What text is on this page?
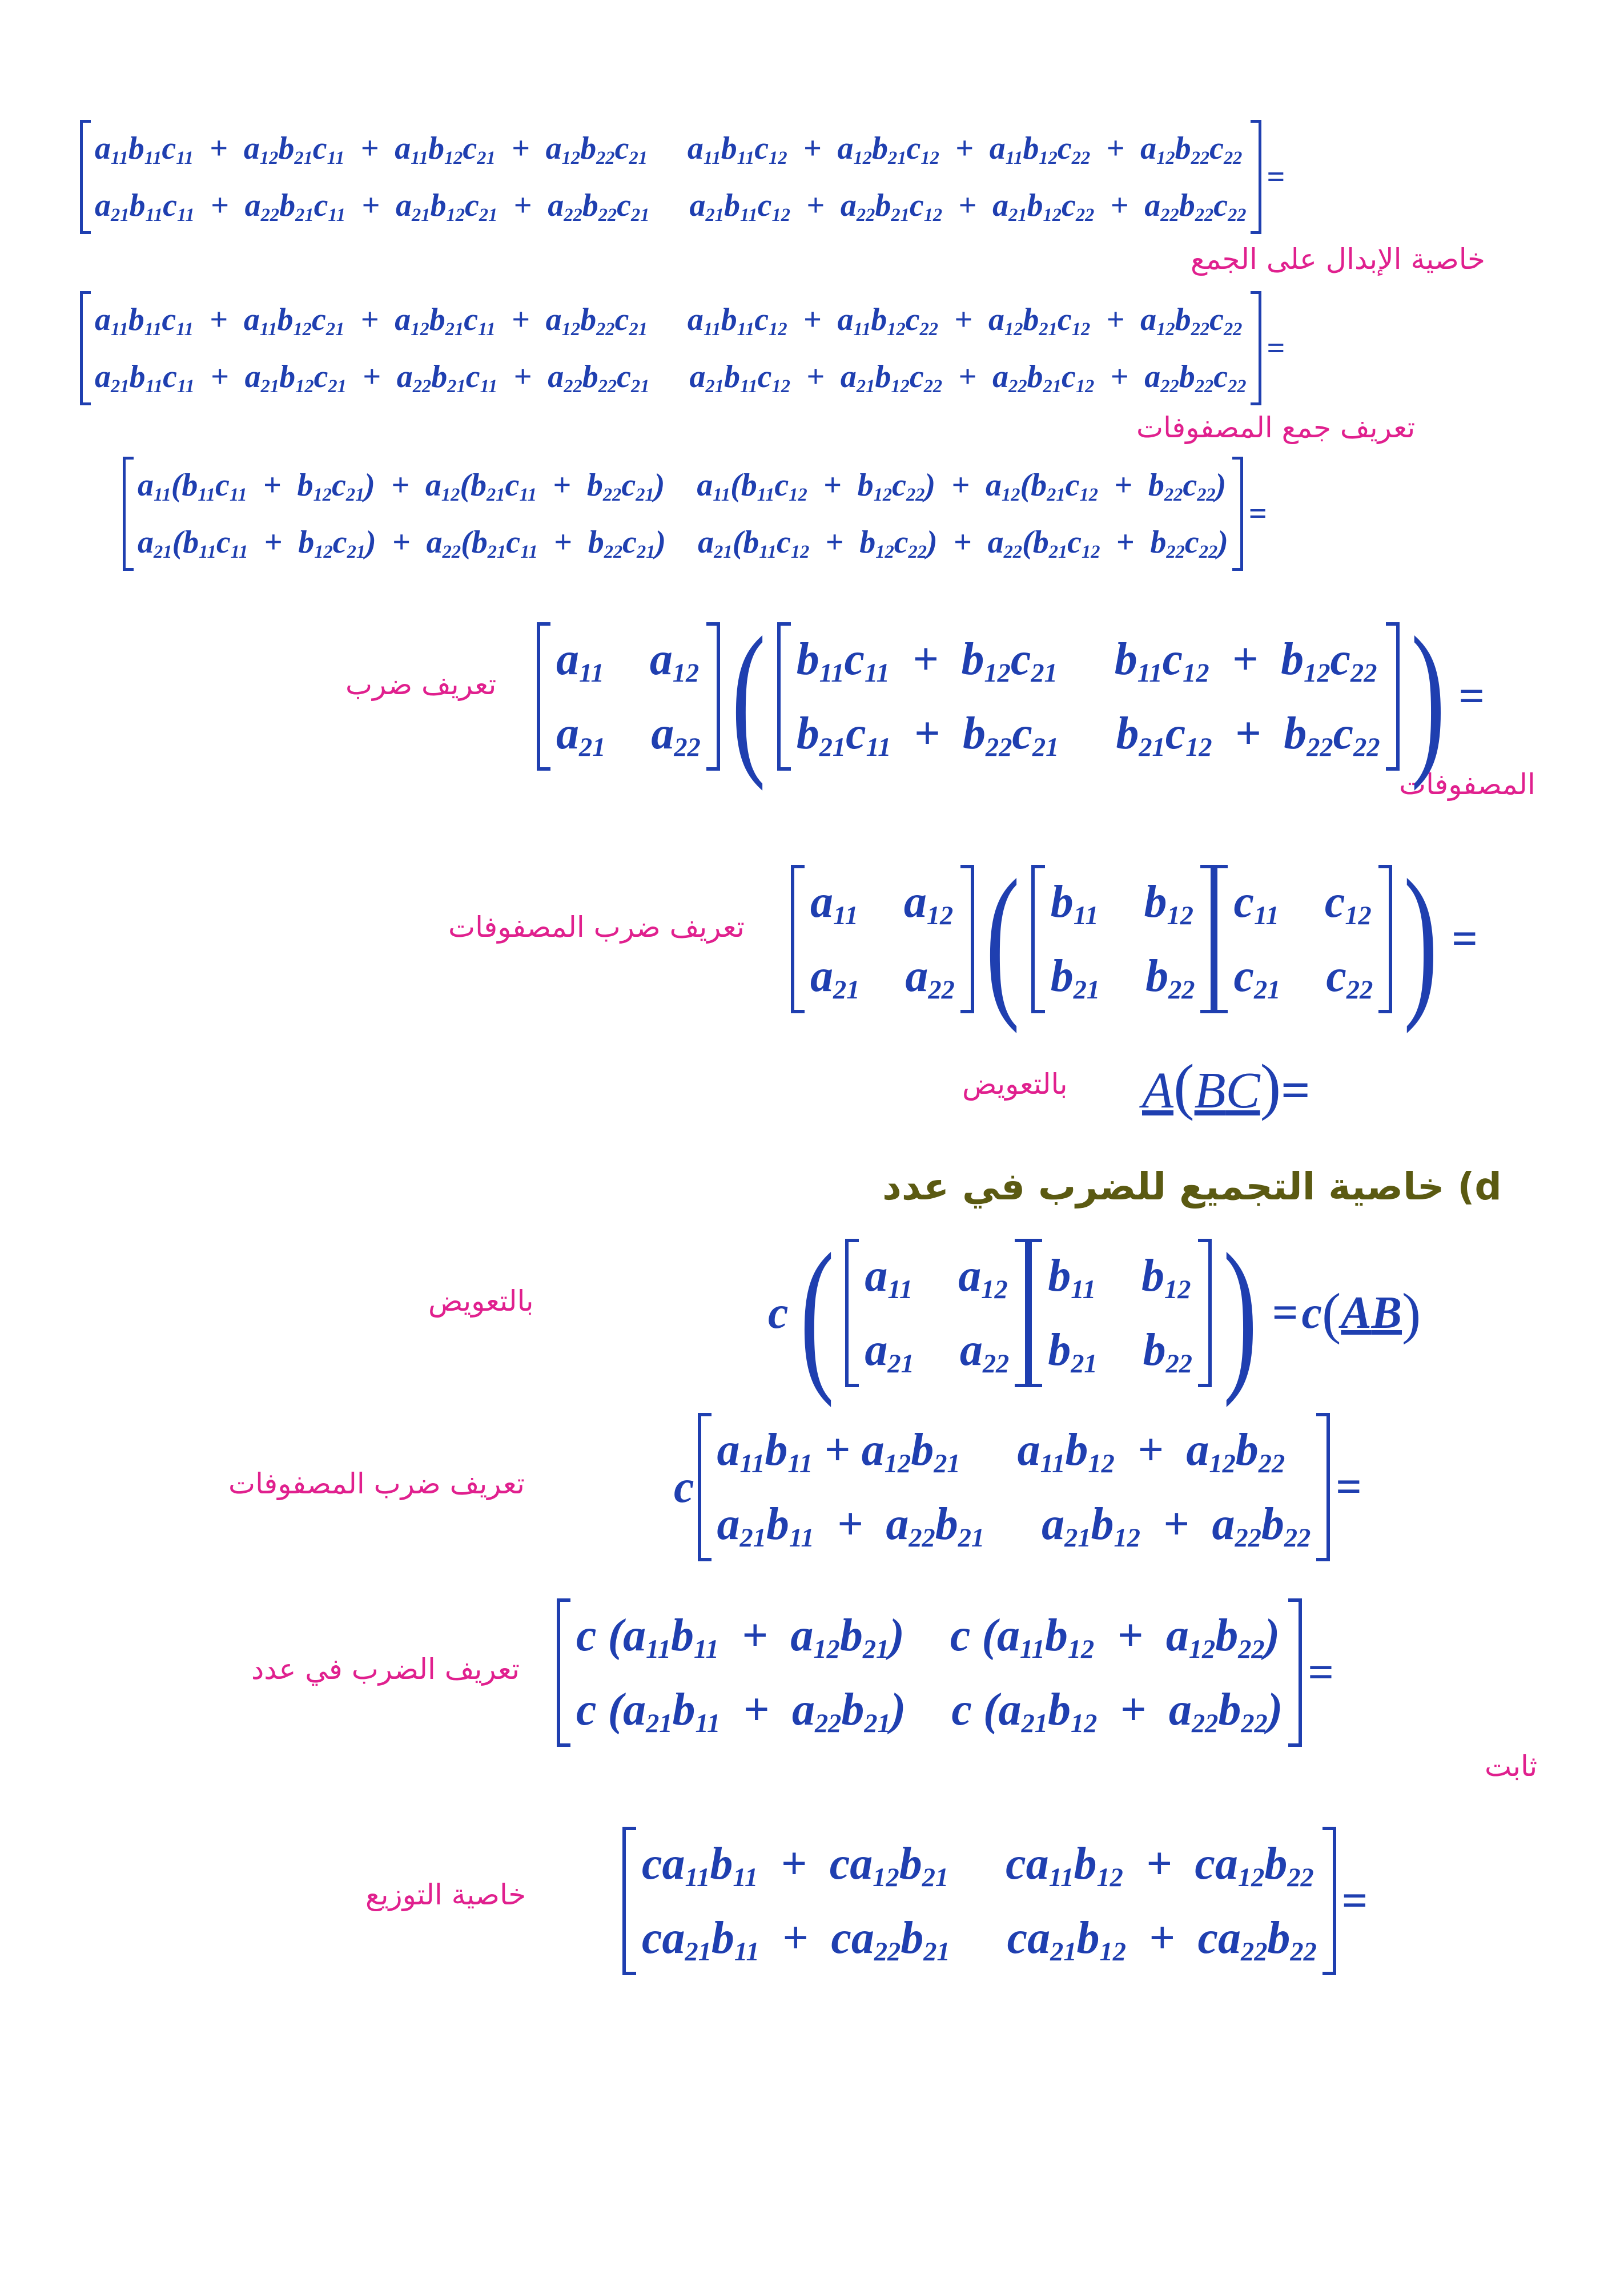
$a_{11}b_{11}c_{11} + a_{12}b_{21}c_{11} + a_{11}b_{12}c_{21} + a_{12}b_{22}c_{21}$     $a_{11}b_{11}c_{12} + a_{12}b_{21}c_{12} + a_{11}b_{12}c_{22} + a_{12}b_{22}c_{22}$
$a_{21}b_{11}c_{11} + a_{22}b_{21}c_{11} + a_{21}b_{12}c_{21} + a_{22}b_{22}c_{21}$     $a_{21}b_{11}c_{12} + a_{22}b_{21}c_{12} + a_{21}b_{12}c_{22} + a_{22}b_{22}c_{22}$
=
خاصية الإبدال على الجمع
$a_{11}b_{11}c_{11} + a_{11}b_{12}c_{21} + a_{12}b_{21}c_{11} + a_{12}b_{22}c_{21}$     $a_{11}b_{11}c_{12} + a_{11}b_{12}c_{22} + a_{12}b_{21}c_{12} + a_{12}b_{22}c_{22}$
$a_{21}b_{11}c_{11} + a_{21}b_{12}c_{21} + a_{22}b_{21}c_{11} + a_{22}b_{22}c_{21}$     $a_{21}b_{11}c_{12} + a_{21}b_{12}c_{22} + a_{22}b_{21}c_{12} + a_{22}b_{22}c_{22}$
=
تعريف جمع المصفوفات
$a_{11}(b_{11}c_{11} + b_{12}c_{21}) + a_{12}(b_{21}c_{11} + b_{22}c_{21})$    $a_{11}(b_{11}c_{12} + b_{12}c_{22}) + a_{12}(b_{21}c_{12} + b_{22}c_{22})$
$a_{21}(b_{11}c_{11} + b_{12}c_{21}) + a_{22}(b_{21}c_{11} + b_{22}c_{21})$    $a_{21}(b_{11}c_{12} + b_{12}c_{22}) + a_{22}(b_{21}c_{12} + b_{22}c_{22})$
=
تعريف ضرب
المصفوفات
$a_{11}$    $a_{12}$
$a_{21}$    $a_{22}$ ( $b_{11}c_{11} + b_{12}c_{21}$     $b_{11}c_{12} + b_{12}c_{22}$
$b_{21}c_{11} + b_{22}c_{21}$     $b_{21}c_{12} + b_{22}c_{22}$ ) =
تعريف ضرب المصفوفات $a_{11}$    $a_{12}$
$a_{21}$    $a_{22}$ ( $b_{11}$    $b_{12}$
$b_{21}$    $b_{22}$
$c_{11}$    $c_{12}$
$c_{21}$    $c_{22}$ ) =
بالتعويض A(BC)=
d) خاصية التجميع للضرب في عدد
بالتعويض	c ( $a_{11}$    $a_{12}$
$a_{21}$    $a_{22}$
$b_{11}$    $b_{12}$
$b_{21}$    $b_{22}$ ) = c ( A B )
تعريف ضرب المصفوفات	c
$a_{11}b_{11} + a_{12}b_{21}$     $a_{11}b_{12} + a_{12}b_{22}$
$a_{21}b_{11} + a_{22}b_{21}$     $a_{21}b_{12} + a_{22}b_{22}$
=
تعريف الضرب في عدد
c $(a_{11}b_{11} + a_{12}b_{21})$    c $(a_{11}b_{12} + a_{12}b_{22})$
c $(a_{21}b_{11} + a_{22}b_{21})$    c $(a_{21}b_{12} + a_{22}b_{22})$
=
ثابت
خاصية التوزيع
$ca_{11}b_{11} + ca_{12}b_{21}$     $ca_{11}b_{12} + ca_{12}b_{22}$
$ca_{21}b_{11} + ca_{22}b_{21}$     $ca_{21}b_{12} + ca_{22}b_{22}$
=
